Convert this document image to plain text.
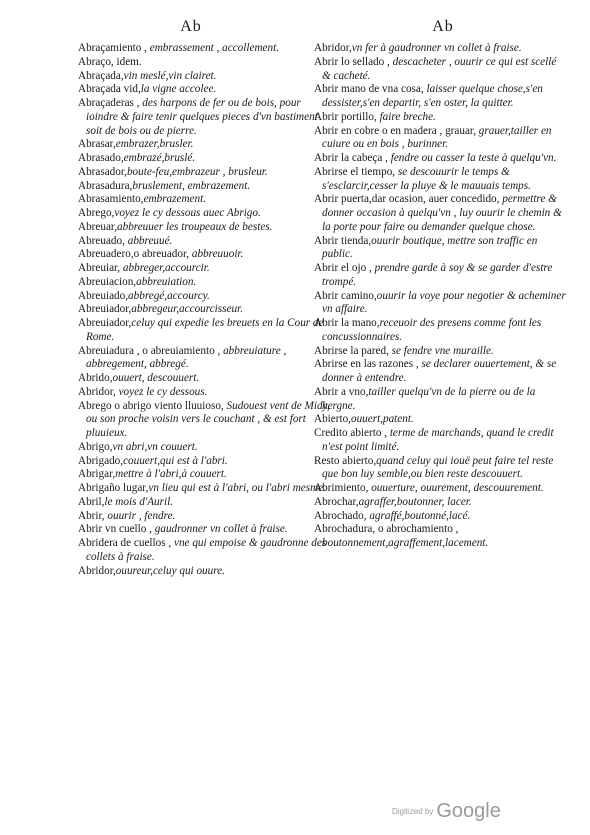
Ab	Ab

Abraçamiento , embrassement , accollement.

Abraço, idem.

Abraçada,vin meslé,vin clairet.

Abraçada vid,la vigne accolee.

Abraçaderas , des harpons de fer ou de bois, pour ioindre & faire tenir quelques pieces d'vn bastiment soit de bois ou de pierre.

Abrasar,embrazer,brusler.

Abrasado,embrazé,bruslé.

Abrasador,boute-feu,embrazeur , brusleur.

Abrasadura,bruslement, embrazement.

Abrasamiento,embrazement.

Abrego,voyez le cy dessous auec Abrigo.

Abreuar,abbreuuer les troupeaux de bestes.

Abreuado, abbreuué.

Abreuadero,o abreuador, abbreuuoir.

Abreuiar, abbreger,accourcir.

Abreuiacion,abbreuiation.

Abreuiado,abbregé,accourcy.

Abreuiador,abbregeur,accourcisseur.

Abreuiador,celuy qui expedie les breuets en la Cour de Rome.

Abreuiadura , o abreuiamiento , abbreuiature , abbregement, abbregé.

Abrido,ouuert, descouuert.

Abridor, voyez le cy dessous.

Abrego o abrigo viento lluuioso, Sudouest vent de Midy, ou son proche voisin vers le couchant , & est fort pluuieux.

Abrigo,vn abri,vn couuert.

Abrigado,couuert,qui est à l'abri.

Abrigar,mettre à l'abri,à couuert.

Abrigaño lugar,vn lieu qui est à l'abri, ou l'abri mesme.

Abril,le mois d'Auril.

Abrir, ouurir , fendre.

Abrir vn cuello , gaudronner vn collet à fraise.

Abridera de cuellos , vne qui empoise & gaudronne des collets à fraise.

Abridor,ouureur,celuy qui ouure.

Abridor,vn fer à gaudronner vn collet à fraise.

Abrir lo sellado , descacheter , ouurir ce qui est scellé & cacheté.

Abrir mano de vna cosa, laisser quelque chose,s'en dessister,s'en departir, s'en oster, la quitter.

Abrir portillo, faire breche.

Abrir en cobre o en madera , grauar, grauer,tailler en cuiure ou en bois , burinner.

Abrir la cabeça , fendre ou casser la teste à quelqu'vn.

Abrirse el tiempo, se descouurir le temps & s'esclarcir,cesser la pluye & le mauuais temps.

Abrir puerta,dar ocasion, auer concedido, permettre & donner occasion à quelqu'vn , luy ouurir le chemin & la porte pour faire ou demander quelque chose.

Abrir tienda,ouurir boutique, mettre son traffic en public.

Abrir el ojo , prendre garde à soy & se garder d'estre trompé.

Abrir camino,ouurir la voye pour negotier & acheminer vn affaire.

Abrir la mano,receuoir des presens comme font les concussionnaires.

Abrirse la pared, se fendre vne muraille.

Abrirse en las razones , se declarer ouuertement, & se donner à entendre.

Abrir a vno,tailler quelqu'vn de la pierre ou de la hergne.

Abierto,ouuert,patent.

Credito abierto , terme de marchands, quand le credit n'est point limité.

Resto abierto,quand celuy qui iouë peut faire tel reste que bon luy semble,ou bien reste descouuert.

Abrimiento, ouuerture, ouurement, descouurement.

Abrochar,agraffer,boutonner, lacer.

Abrochado, agraffé,boutonné,lacé.

Abrochadura, o abrochamiento , boutonnement,agraffement,lacement.

Digitized by Google
